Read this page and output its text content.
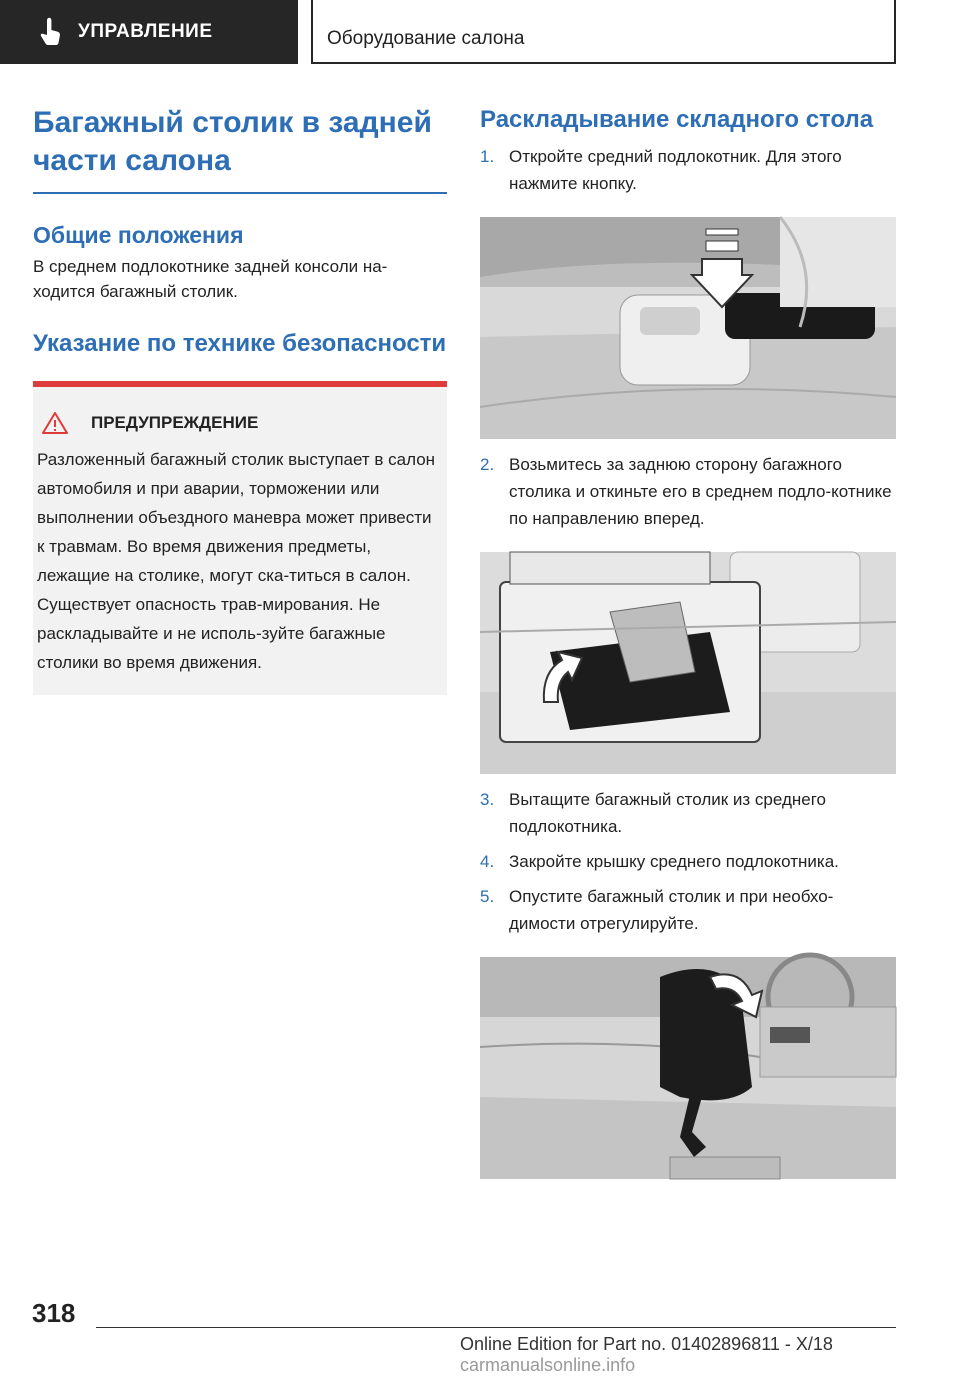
УПРАВЛЕНИЕ	Оборудование салона
Багажный столик в задней части салона
Общие положения
В среднем подлокотнике задней консоли на-ходится багажный столик.
Указание по технике безопасности
ПРЕДУПРЕЖДЕНИЕ
Разложенный багажный столик выступает в салон автомобиля и при аварии, торможении или выполнении объездного маневра может привести к травмам. Во время движения предметы, лежащие на столике, могут ска-титься в салон. Существует опасность трав-мирования. Не раскладывайте и не исполь-зуйте багажные столики во время движения.
Раскладывание складного стола
1. Откройте средний подлокотник. Для этого нажмите кнопку.
2. Возьмитесь за заднюю сторону багажного столика и откиньте его в среднем подло-котнике по направлению вперед.
3. Вытащите багажный столик из среднего подлокотника.
4. Закройте крышку среднего подлокотника.
5. Опустите багажный столик и при необхо-димости отрегулируйте.
318
Online Edition for Part no. 01402896811 - X/18 carmanualsonline.info
